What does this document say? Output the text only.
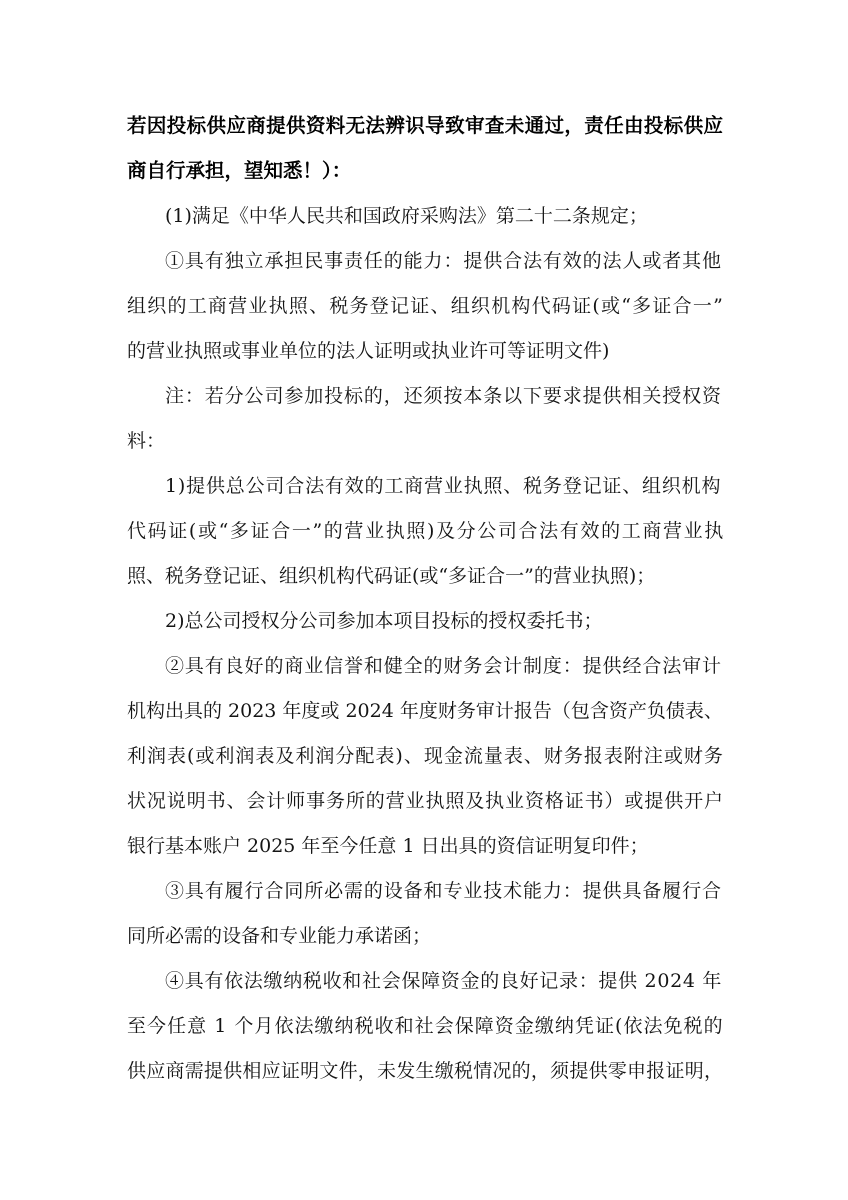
若因投标供应商提供资料无法辨识导致审查未通过，责任由投标供应
商自行承担，望知悉！）：
(1)满足《中华人民共和国政府采购法》第二十二条规定；
①具有独立承担民事责任的能力：提供合法有效的法人或者其他
组织的工商营业执照、税务登记证、组织机构代码证(或“多证合一”
的营业执照或事业单位的法人证明或执业许可等证明文件)
注：若分公司参加投标的，还须按本条以下要求提供相关授权资
料：
1)提供总公司合法有效的工商营业执照、税务登记证、组织机构
代码证(或“多证合一”的营业执照)及分公司合法有效的工商营业执
照、税务登记证、组织机构代码证(或“多证合一”的营业执照)；
2)总公司授权分公司参加本项目投标的授权委托书；
②具有良好的商业信誉和健全的财务会计制度：提供经合法审计
机构出具的 2023 年度或 2024 年度财务审计报告（包含资产负债表、
利润表(或利润表及利润分配表)、现金流量表、财务报表附注或财务
状况说明书、会计师事务所的营业执照及执业资格证书）或提供开户
银行基本账户 2025 年至今任意 1 日出具的资信证明复印件；
③具有履行合同所必需的设备和专业技术能力：提供具备履行合
同所必需的设备和专业能力承诺函；
④具有依法缴纳税收和社会保障资金的良好记录：提供 2024 年
至今任意 1 个月依法缴纳税收和社会保障资金缴纳凭证(依法免税的
供应商需提供相应证明文件，未发生缴税情况的，须提供零申报证明，
